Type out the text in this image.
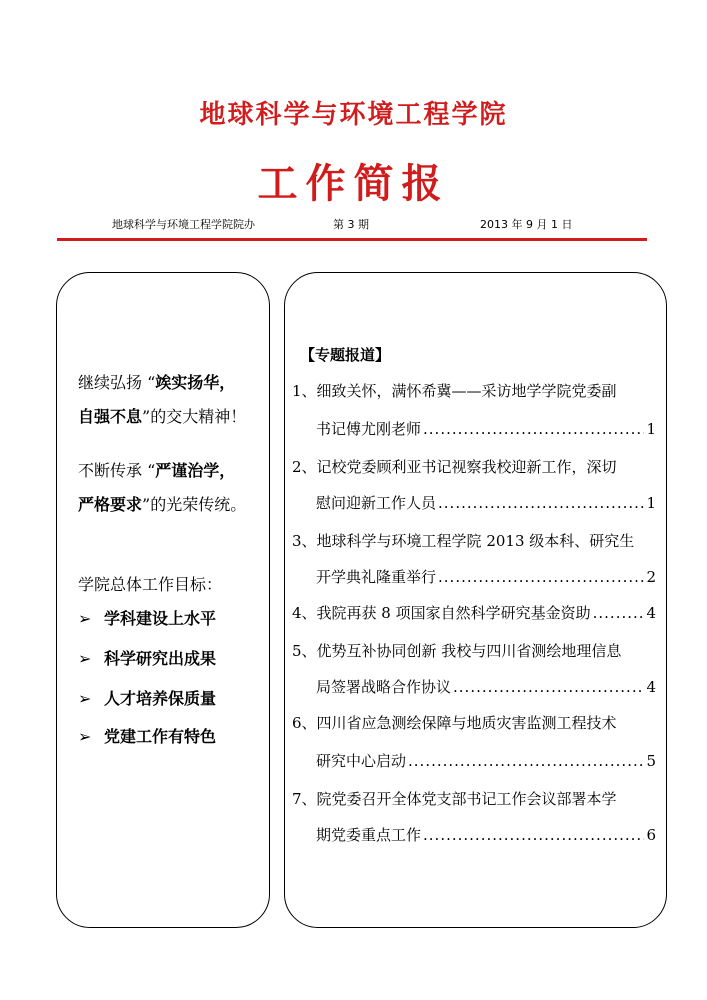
地球科学与环境工程学院
工作简报
地球科学与环境工程学院院办	第 3 期	2013 年 9 月 1 日
继续弘扬 “竢实扬华，
自强不息”的交大精神！
不断传承 “严谨治学，
严格要求”的光荣传统。
学院总体工作目标：
➢ 学科建设上水平
➢ 科学研究出成果
➢ 人才培养保质量
➢ 党建工作有特色
【专题报道】
1、细致关怀，满怀希冀——采访地学学院党委副
书记傅尤刚老师 .....	1
2、记校党委顾利亚书记视察我校迎新工作，深切
慰问迎新工作人员 .....	1
3、地球科学与环境工程学院 2013 级本科、研究生
开学典礼隆重举行 .....	2
4、我院再获 8 项国家自然科学研究基金资助 .....	4
5、优势互补协同创新 我校与四川省测绘地理信息
局签署战略合作协议 .....	4
6、四川省应急测绘保障与地质灾害监测工程技术
研究中心启动 .....	5
7、院党委召开全体党支部书记工作会议部署本学
期党委重点工作 .....	6
